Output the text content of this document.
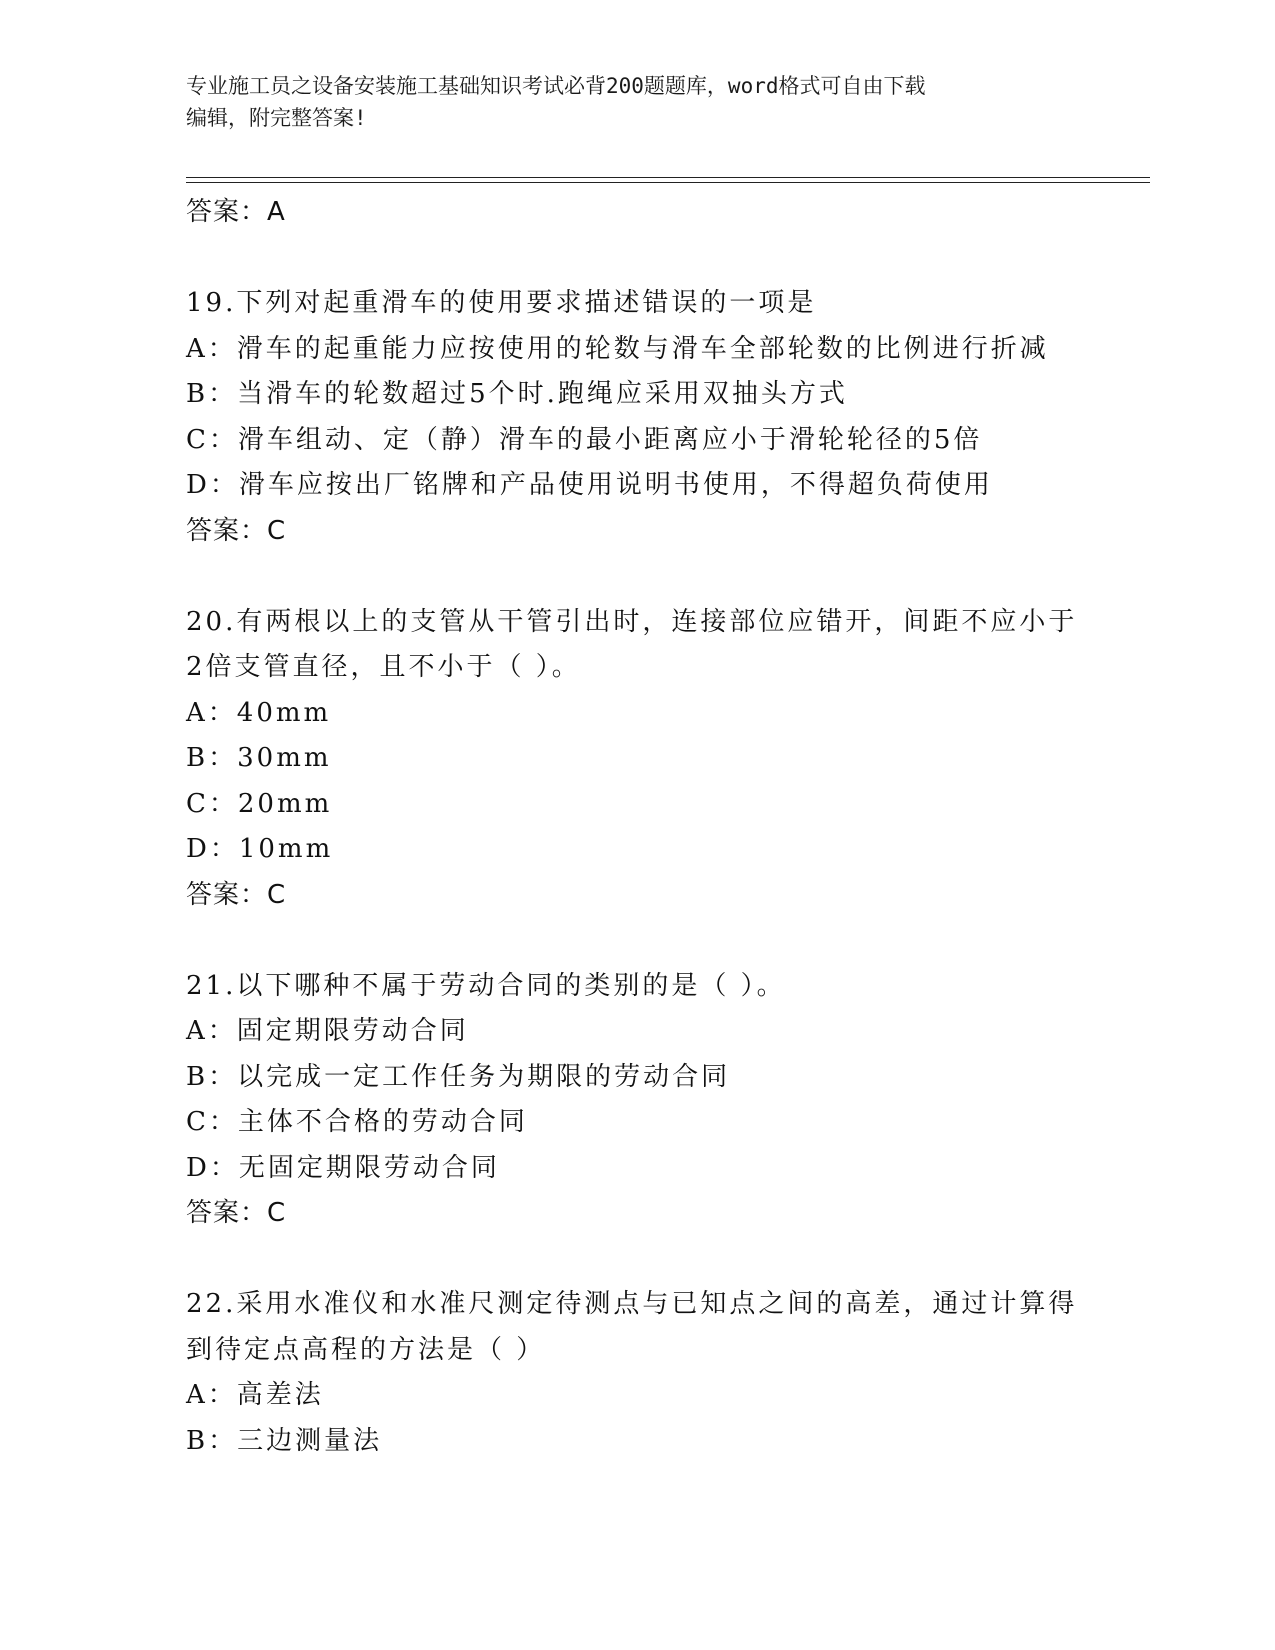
专业施工员之设备安装施工基础知识考试必背200题题库，word格式可自由下载
编辑，附完整答案!
答案：A
19.下列对起重滑车的使用要求描述错误的一项是
A：滑车的起重能力应按使用的轮数与滑车全部轮数的比例进行折减
B：当滑车的轮数超过5个时.跑绳应采用双抽头方式
C：滑车组动、定（静）滑车的最小距离应小于滑轮轮径的5倍
D：滑车应按出厂铭牌和产品使用说明书使用，不得超负荷使用
答案：C
20.有两根以上的支管从干管引出时，连接部位应错开，间距不应小于
2倍支管直径，且不小于（ ）。
A：40mm
B：30mm
C：20mm
D：10mm
答案：C
21.以下哪种不属于劳动合同的类别的是（ ）。
A：固定期限劳动合同
B：以完成一定工作任务为期限的劳动合同
C：主体不合格的劳动合同
D：无固定期限劳动合同
答案：C
22.采用水准仪和水准尺测定待测点与已知点之间的高差，通过计算得
到待定点高程的方法是（ ）
A：高差法
B：三边测量法
